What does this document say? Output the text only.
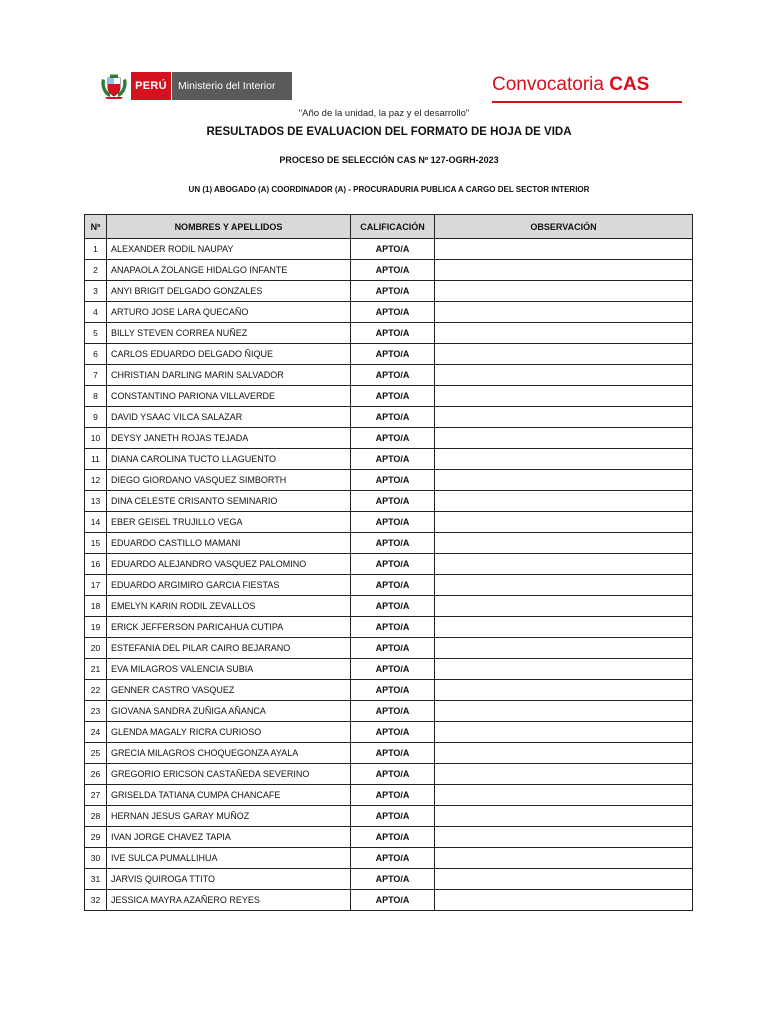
PERÚ	Ministerio del Interior	Convocatoria CAS
"Año de la unidad, la paz y el desarrollo"
RESULTADOS DE EVALUACION DEL FORMATO DE HOJA DE VIDA
PROCESO DE SELECCIÓN CAS Nº 127-OGRH-2023
UN (1) ABOGADO (A) COORDINADOR (A) - PROCURADURIA PUBLICA A CARGO DEL SECTOR INTERIOR
Nº	NOMBRES Y APELLIDOS	CALIFICACIÓN	OBSERVACIÓN
1	ALEXANDER RODIL NAUPAY	APTO/A	
2	ANAPAOLA ZOLANGE HIDALGO INFANTE	APTO/A	
3	ANYI BRIGIT DELGADO GONZALES	APTO/A	
4	ARTURO JOSE LARA QUECAÑO	APTO/A	
5	BILLY STEVEN CORREA NUÑEZ	APTO/A	
6	CARLOS EDUARDO DELGADO ÑIQUE	APTO/A	
7	CHRISTIAN DARLING MARIN SALVADOR	APTO/A	
8	CONSTANTINO PARIONA VILLAVERDE	APTO/A	
9	DAVID YSAAC VILCA SALAZAR	APTO/A	
10	DEYSY JANETH ROJAS TEJADA	APTO/A	
11	DIANA CAROLINA TUCTO LLAGUENTO	APTO/A	
12	DIEGO GIORDANO VASQUEZ SIMBORTH	APTO/A	
13	DINA CELESTE CRISANTO SEMINARIO	APTO/A	
14	EBER GEISEL TRUJILLO VEGA	APTO/A	
15	EDUARDO CASTILLO MAMANI	APTO/A	
16	EDUARDO ALEJANDRO VASQUEZ PALOMINO	APTO/A	
17	EDUARDO ARGIMIRO GARCIA FIESTAS	APTO/A	
18	EMELYN KARIN RODIL ZEVALLOS	APTO/A	
19	ERICK JEFFERSON PARICAHUA CUTIPA	APTO/A	
20	ESTEFANIA DEL PILAR CAIRO BEJARANO	APTO/A	
21	EVA MILAGROS VALENCIA SUBIA	APTO/A	
22	GENNER CASTRO VASQUEZ	APTO/A	
23	GIOVANA SANDRA ZUÑIGA AÑANCA	APTO/A	
24	GLENDA MAGALY RICRA CURIOSO	APTO/A	
25	GRECIA MILAGROS CHOQUEGONZA AYALA	APTO/A	
26	GREGORIO ERICSON CASTAÑEDA SEVERINO	APTO/A	
27	GRISELDA TATIANA CUMPA CHANCAFE	APTO/A	
28	HERNAN JESUS GARAY MUÑOZ	APTO/A	
29	IVAN JORGE CHAVEZ TAPIA	APTO/A	
30	IVE SULCA PUMALLIHUA	APTO/A	
31	JARVIS QUIROGA TTITO	APTO/A	
32	JESSICA MAYRA AZAÑERO REYES	APTO/A	
